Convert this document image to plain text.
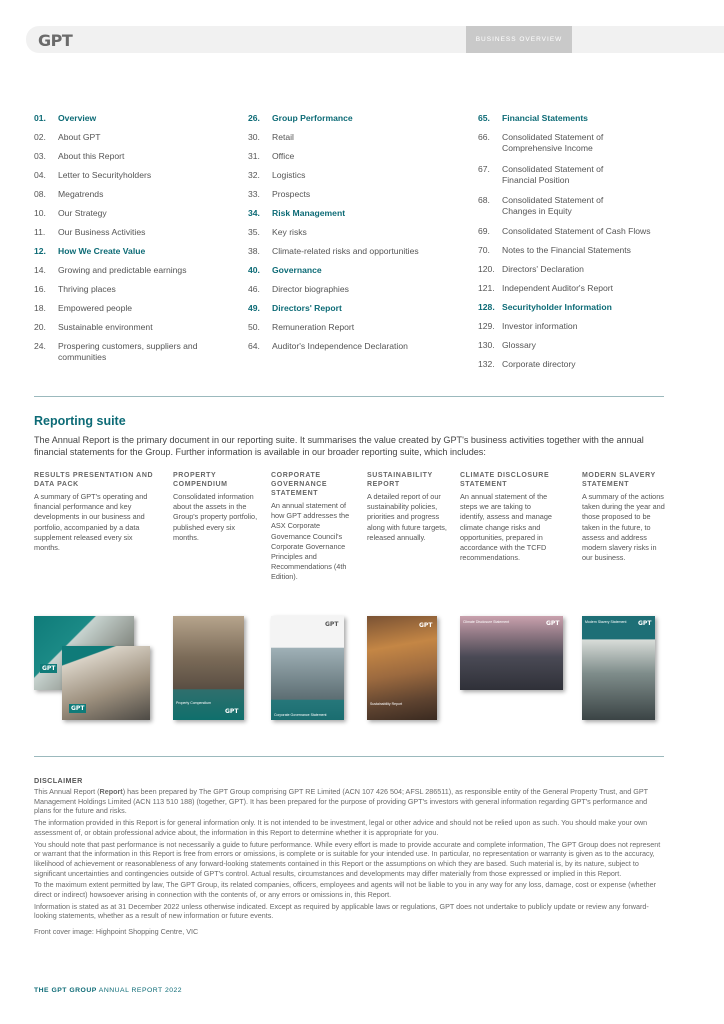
GPT	BUSINESS OVERVIEW
01.	Overview
02.	About GPT
03.	About this Report
04.	Letter to Securityholders
08.	Megatrends
10.	Our Strategy
11.	Our Business Activities
12.	How We Create Value
14.	Growing and predictable earnings
16.	Thriving places
18.	Empowered people
20.	Sustainable environment
24.	Prospering customers, suppliers and communities
26.	Group Performance
30.	Retail
31.	Office
32.	Logistics
33.	Prospects
34.	Risk Management
35.	Key risks
38.	Climate-related risks and opportunities
40.	Governance
46.	Director biographies
49.	Directors' Report
50.	Remuneration Report
64.	Auditor's Independence Declaration
65.	Financial Statements
66.	Consolidated Statement of Comprehensive Income
67.	Consolidated Statement of Financial Position
68.	Consolidated Statement of Changes in Equity
69.	Consolidated Statement of Cash Flows
70.	Notes to the Financial Statements
120. Directors' Declaration
121. Independent Auditor's Report
128. Securityholder Information
129. Investor information
130. Glossary
132. Corporate directory
Reporting suite
The Annual Report is the primary document in our reporting suite. It summarises the value created by GPT's business activities together with the annual financial statements for the Group. Further information is available in our broader reporting suite, which includes:
RESULTS PRESENTATION AND DATA PACK
A summary of GPT's operating and financial performance and key developments in our business and portfolio, accompanied by a data supplement released every six months.
PROPERTY COMPENDIUM
Consolidated information about the assets in the Group's property portfolio, published every six months.
CORPORATE GOVERNANCE STATEMENT
An annual statement of how GPT addresses the ASX Corporate Governance Council's Corporate Governance Principles and Recommendations (4th Edition).
SUSTAINABILITY REPORT
A detailed report of our sustainability policies, priorities and progress along with future targets, released annually.
CLIMATE DISCLOSURE STATEMENT
An annual statement of the steps we are taking to identify, assess and manage climate change risks and opportunities, prepared in accordance with the TCFD recommendations.
MODERN SLAVERY STATEMENT
A summary of the actions taken during the year and those proposed to be taken in the future, to assess and address modern slavery risks in our business.
GPT
GPT
Property Compendium
GPT
GPT
Corporate Governance Statement
GPT
Sustainability Report
Climate Disclosure Statement	GPT	Modern Slavery Statement GPT
DISCLAIMER

This Annual Report (Report) has been prepared by The GPT Group comprising GPT RE Limited (ACN 107 426 504; AFSL 286511), as responsible entity of the General Property Trust, and GPT Management Holdings Limited (ACN 113 510 188) (together, GPT). It has been prepared for the purpose of providing GPT's investors with general information regarding GPT's performance and plans for the future and risks.

The information provided in this Report is for general information only. It is not intended to be investment, legal or other advice and should not be relied upon as such. You should make your own assessment of, or obtain professional advice about, the information in this Report to determine whether it is appropriate for you.

You should note that past performance is not necessarily a guide to future performance. While every effort is made to provide accurate and complete information, The GPT Group does not represent or warrant that the information in this Report is free from errors or omissions, is complete or is suitable for your intended use. In particular, no representation or warranty is given as to the accuracy, likelihood of achievement or reasonableness of any forward-looking statements contained in this Report or the assumptions on which they are based. Such material is, by its nature, subject to significant uncertainties and contingencies outside of GPT's control. Actual results, circumstances and developments may differ materially from those expressed or implied in this Report.

To the maximum extent permitted by law, The GPT Group, its related companies, officers, employees and agents will not be liable to you in any way for any loss, damage, cost or expense (whether direct or indirect) howsoever arising in connection with the contents of, or any errors or omissions in, this Report.

Information is stated as at 31 December 2022 unless otherwise indicated. Except as required by applicable laws or regulations, GPT does not undertake to publicly update or review any forward-looking statements, whether as a result of new information or future events.

Front cover image: Highpoint Shopping Centre, VIC

THE GPT GROUP ANNUAL REPORT 2022
